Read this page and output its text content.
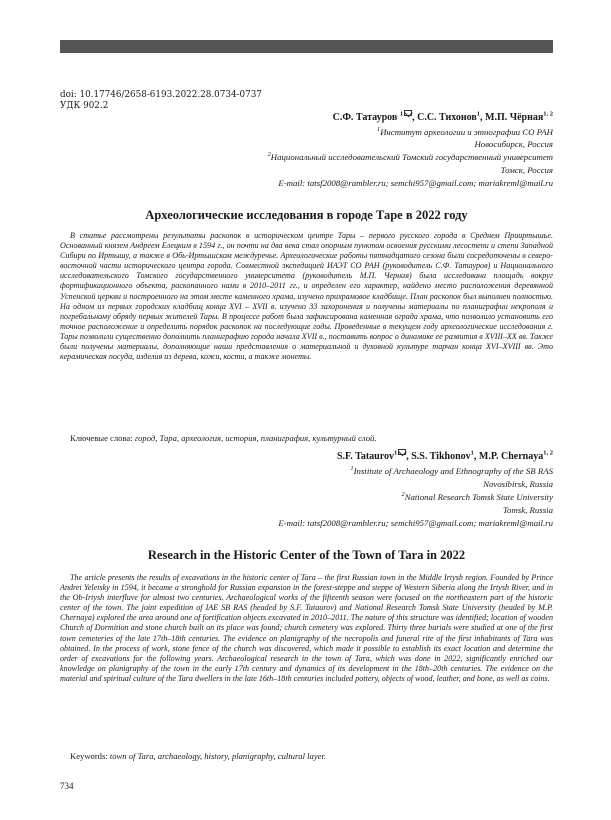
doi: 10.17746/2658-6193.2022.28.0734-0737
УДК 902.2
С.Ф. Татауров $^1$ , С.С. Тихонов$^1$, М.П. Чёрная$^{1, 2}$
$^1$Институт археологии и этнографии СО РАН
Новосибирск, Россия
$^2$Национальный исследовательский Томский государственный университет
Томск, Россия
E-mail: tatsf2008@rambler.ru; semchi957@gmail.com; mariakreml@mail.ru
Археологические исследования в городе Таре в 2022 году

В статье рассмотрены результаты раскопок в историческом центре Тары – первого русского города в Среднем Прииртышье. Основанный князем Андреем Елецким в 1594 г., он почти на два века стал опорным пунктом освоения русскими лесостепи и степи Западной Сибири по Иртышу, а также в Обь-Иртышском междуречье. Археологические работы пятнадцатого сезона были сосредоточены в северо-восточной части исторического центра города. Совместной экспедицией ИАЭТ СО РАН (руководитель С.Ф. Татауров) и Национального исследовательского Томского государственного университета (руководитель М.П. Черная) была исследована площадь вокруг фортификационного объекта, раскопанного нами в 2010–2011 гг., и определен его характер, найдено место расположения деревянной Успенской церкви и построенного на этом месте каменного храма, изучено прихрамовое кладбище. План раскопок был выполнен полностью. На одном из первых городских кладбищ конца XVI – XVII в. изучено 33 захоронения и получены материалы по планиграфии некрополя и погребальному обряду первых жителей Тары. В процессе работ была зафиксирована каменная ограда храма, что позволило установить его точное расположение и определить порядок раскопок на последующие годы. Проведенные в текущем году археологические исследования г. Тары позволили существенно дополнить планиграфию города начала XVII в., поставить вопрос о динамике ее развития в XVIII–XX вв. Также были получены материалы, дополняющие наши представления о материальной и духовной культуре тарчан конца XVI–XVIII вв. Это керамическая посуда, изделия из дерева, кожи, кости, а также монеты.

Ключевые слова: город, Тара, археология, история, планиграфия, культурный слой.
S.F. Tataurov$^1$ , S.S. Tikhonov$^1$, M.P. Chernaya$^{1, 2}$
$^1$Institute of Archaeology and Ethnography of the SB RAS
Novosibirsk, Russia
$^2$National Research Tomsk State University
Tomsk, Russia
E-mail: tatsf2008@rambler.ru; semchi957@gmail.com; mariakreml@mail.ru
Research in the Historic Center of the Town of Tara in 2022

The article presents the results of excavations in the historic center of Tara – the first Russian town in the Middle Irtysh region. Founded by Prince Andrei Yeletsky in 1594, it became a stronghold for Russian expansion in the forest-steppe and steppe of Western Siberia along the Irtysh River, and in the Ob-Irtysh interfluve for almost two centuries. Archaeological works of the fifteenth season were focused on the northeastern part of the historic center of the town. The joint expedition of IAE SB RAS (headed by S.F. Tataurov) and National Research Tomsk State University (headed by M.P. Chernaya) explored the area around one of fortification objects excavated in 2010–2011. The nature of this structure was identified; location of wooden Church of Dormition and stone church built on its place was found; church cemetery was explored. Thirty three burials were studied at one of the first town cemeteries of the late 17th–18th centuries. The evidence on planigraphy of the necropolis and funeral rite of the first inhabitants of Tara was obtained. In the process of work, stone fence of the church was discovered, which made it possible to establish its exact location and determine the order of excavations for the following years. Archaeological research in the town of Tara, which was done in 2022, significantly enriched our knowledge on planigraphy of the town in the early 17th century and dynamics of its development in the 18th–20th centuries. The evidence on the material and spiritual culture of the Tara dwellers in the late 16th–18th centuries included pottery, objects of wood, leather, and bone, as well as coins.

Keywords: town of Tara, archaeology, history, planigraphy, cultural layer.
734
